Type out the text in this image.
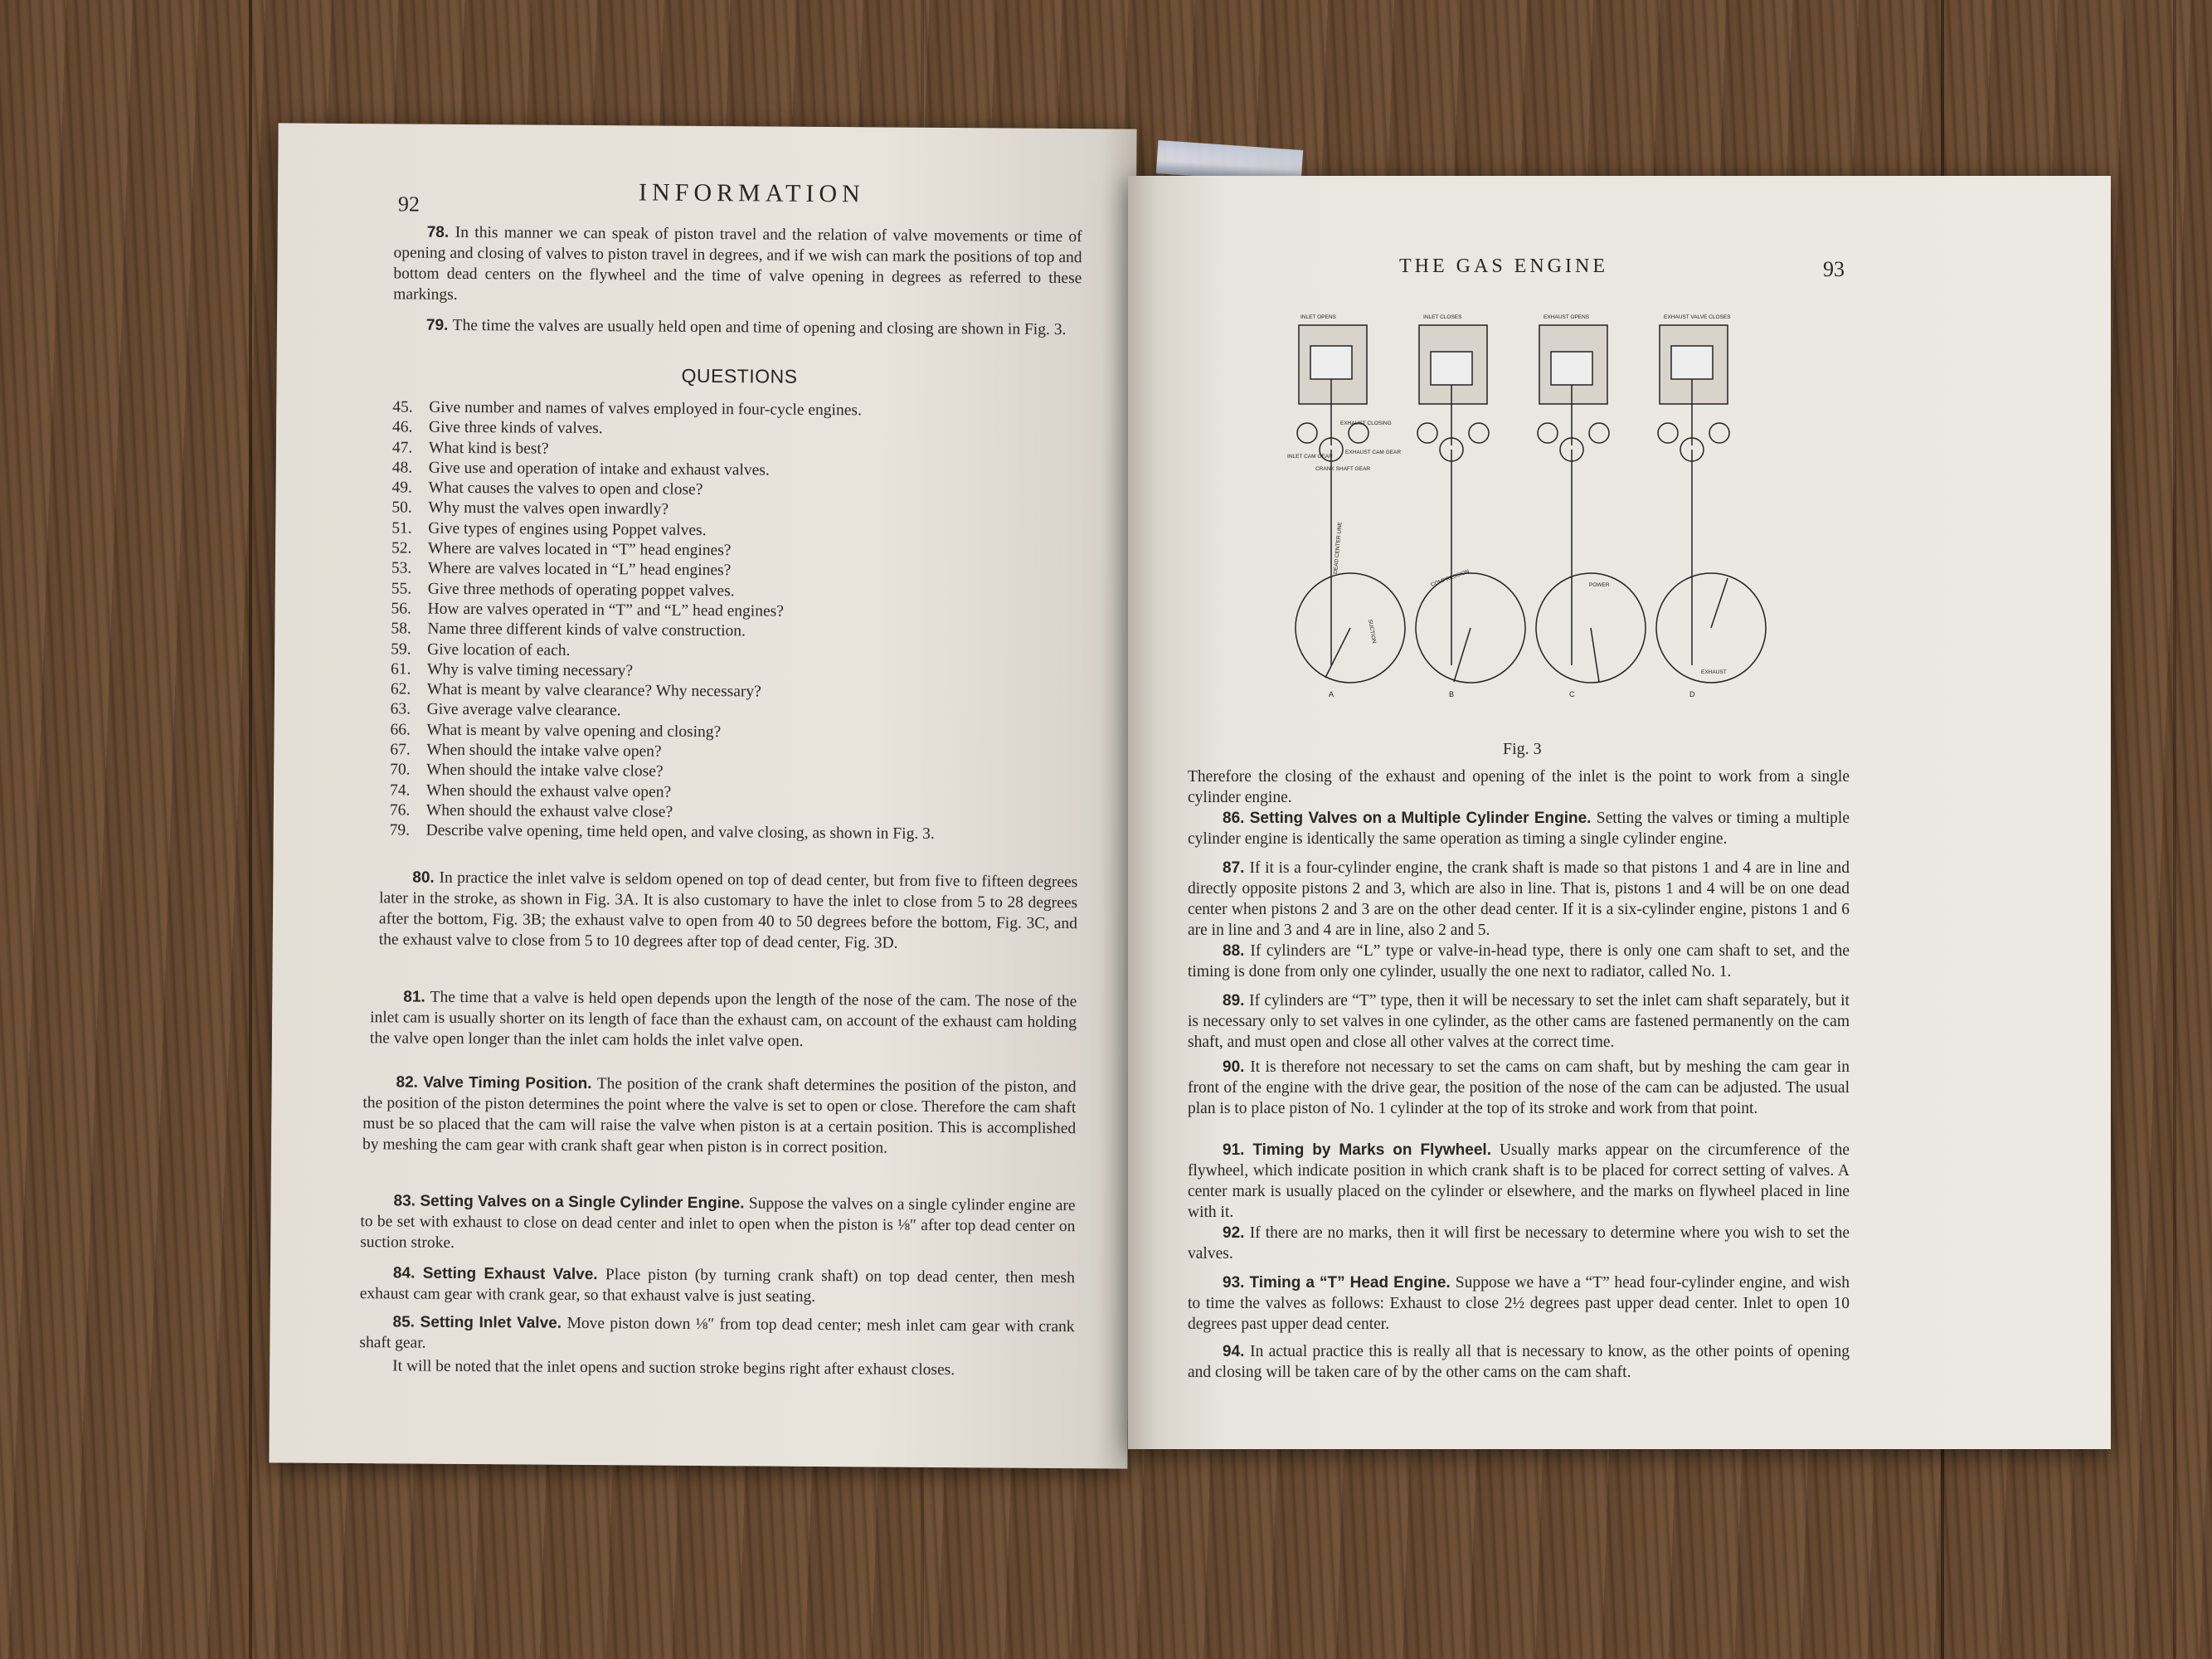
92	INFORMATION
78. In this manner we can speak of piston travel and the relation of valve movements or time of opening and closing of valves to piston travel in degrees, and if we wish can mark the positions of top and bottom dead centers on the flywheel and the time of valve opening in degrees as referred to these markings.
79. The time the valves are usually held open and time of opening and closing are shown in Fig. 3.
QUESTIONS
45. Give number and names of valves employed in four-cycle engines.
46. Give three kinds of valves.
47. What kind is best?
48. Give use and operation of intake and exhaust valves.
49. What causes the valves to open and close?
50. Why must the valves open inwardly?
51. Give types of engines using Poppet valves.
52. Where are valves located in “T” head engines?
53. Where are valves located in “L” head engines?
55. Give three methods of operating poppet valves.
56. How are valves operated in “T” and “L” head engines?
58. Name three different kinds of valve construction.
59. Give location of each.
61. Why is valve timing necessary?
62. What is meant by valve clearance? Why necessary?
63. Give average valve clearance.
66. What is meant by valve opening and closing?
67. When should the intake valve open?
70. When should the intake valve close?
74. When should the exhaust valve open?
76. When should the exhaust valve close?
79. Describe valve opening, time held open, and valve closing, as shown in Fig. 3.
80. In practice the inlet valve is seldom opened on top of dead center, but from five to fifteen degrees later in the stroke, as shown in Fig. 3A. It is also customary to have the inlet to close from 5 to 28 degrees after the bottom, Fig. 3B; the exhaust valve to open from 40 to 50 degrees before the bottom, Fig. 3C, and the exhaust valve to close from 5 to 10 degrees after top of dead center, Fig. 3D.
81. The time that a valve is held open depends upon the length of the nose of the cam. The nose of the inlet cam is usually shorter on its length of face than the exhaust cam, on account of the exhaust cam holding the valve open longer than the inlet cam holds the inlet valve open.
82. Valve Timing Position. The position of the crank shaft determines the position of the piston, and the position of the piston determines the point where the valve is set to open or close. Therefore the cam shaft must be so placed that the cam will raise the valve when piston is at a certain position. This is accomplished by meshing the cam gear with crank shaft gear when piston is in correct position.
83. Setting Valves on a Single Cylinder Engine. Suppose the valves on a single cylinder engine are to be set with exhaust to close on dead center and inlet to open when the piston is ⅛″ after top dead center on suction stroke.
84. Setting Exhaust Valve. Place piston (by turning crank shaft) on top dead center, then mesh exhaust cam gear with crank gear, so that exhaust valve is just seating.
85. Setting Inlet Valve. Move piston down ⅛″ from top dead center; mesh inlet cam gear with crank shaft gear.
It will be noted that the inlet opens and suction stroke begins right after exhaust closes.
THE GAS ENGINE	93
INLET OPENS	INLET CLOSES	EXHAUST OPENS	EXHAUST VALVE CLOSES
EXHAUST CLOSING
EXHAUST CAM GEAR
INLET CAM GEAR
CRANK SHAFT GEAR
DEAD CENTER LINE
COMPRESSION	POWER
EXHAUST
SUCTION
A	B	C	D
Fig. 3
Therefore the closing of the exhaust and opening of the inlet is the point to work from a single cylinder engine.
86. Setting Valves on a Multiple Cylinder Engine. Setting the valves or timing a multiple cylinder engine is identically the same operation as timing a single cylinder engine.
87. If it is a four-cylinder engine, the crank shaft is made so that pistons 1 and 4 are in line and directly opposite pistons 2 and 3, which are also in line. That is, pistons 1 and 4 will be on one dead center when pistons 2 and 3 are on the other dead center. If it is a six-cylinder engine, pistons 1 and 6 are in line and 3 and 4 are in line, also 2 and 5.
88. If cylinders are “L” type or valve-in-head type, there is only one cam shaft to set, and the timing is done from only one cylinder, usually the one next to radiator, called No. 1.
89. If cylinders are “T” type, then it will be necessary to set the inlet cam shaft separately, but it is necessary only to set valves in one cylinder, as the other cams are fastened permanently on the cam shaft, and must open and close all other valves at the correct time.
90. It is therefore not necessary to set the cams on cam shaft, but by meshing the cam gear in front of the engine with the drive gear, the position of the nose of the cam can be adjusted. The usual plan is to place piston of No. 1 cylinder at the top of its stroke and work from that point.
91. Timing by Marks on Flywheel. Usually marks appear on the circumference of the flywheel, which indicate position in which crank shaft is to be placed for correct setting of valves. A center mark is usually placed on the cylinder or elsewhere, and the marks on flywheel placed in line with it.
92. If there are no marks, then it will first be necessary to determine where you wish to set the valves.
93. Timing a “T” Head Engine. Suppose we have a “T” head four-cylinder engine, and wish to time the valves as follows: Exhaust to close 2½ degrees past upper dead center. Inlet to open 10 degrees past upper dead center.
94. In actual practice this is really all that is necessary to know, as the other points of opening and closing will be taken care of by the other cams on the cam shaft.
